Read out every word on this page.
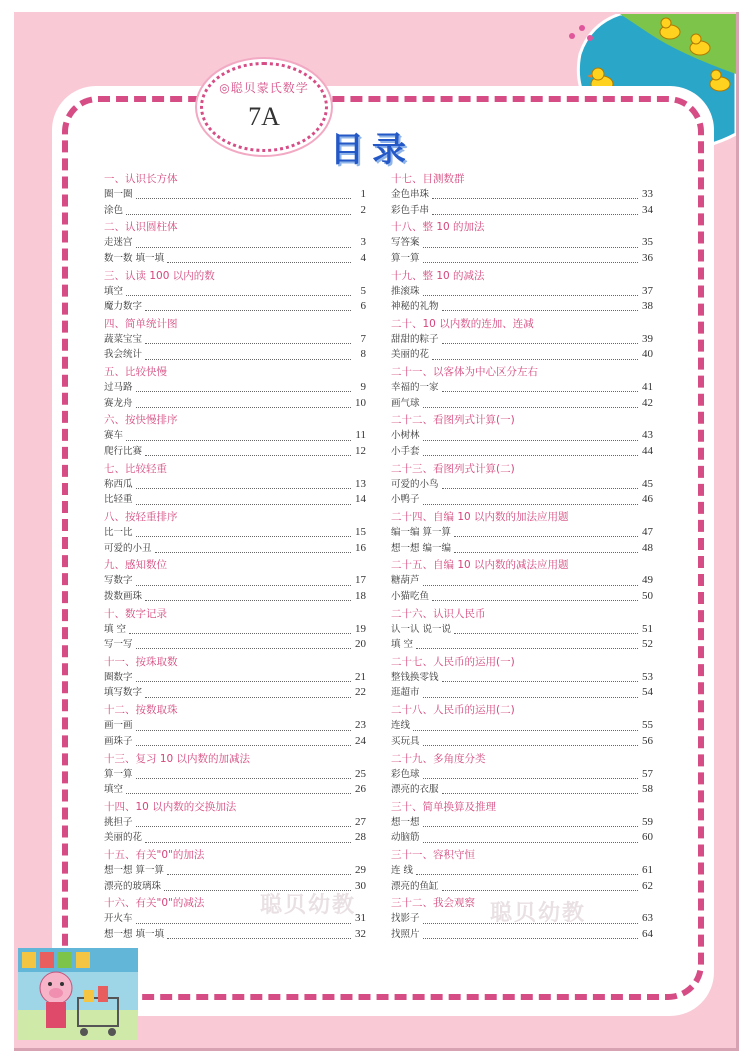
◎聪贝蒙氏数学
7A
目录
聪贝幼教	聪贝幼教
一、认识长方体
圈一圈	1
涂色	2
二、认识圆柱体
走迷宫	3
数一数 填一填	4
三、认读 100 以内的数
填空	5
魔力数字	6
四、简单统计图
蔬菜宝宝	7
我会统计	8
五、比较快慢
过马路	9
赛龙舟	10
六、按快慢排序
赛车	11
爬行比赛	12
七、比较轻重
称西瓜	13
比轻重	14
八、按轻重排序
比一比	15
可爱的小丑	16
九、感知数位
写数字	17
拨数画珠	18
十、数字记录
填 空	19
写一写	20
十一、按珠取数
圈数字	21
填写数字	22
十二、按数取珠
画一画	23
画珠子	24
十三、复习 10 以内数的加减法
算一算	25
填空	26
十四、10 以内数的交换加法
挑担子	27
美丽的花	28
十五、有关"0"的加法
想一想 算一算	29
漂亮的玻璃珠	30
十六、有关"0"的减法
开火车	31
想一想 填一填	32
十七、目测数群
金色串珠	33
彩色手串	34
十八、整 10 的加法
写答案	35
算一算	36
十九、整 10 的减法
推滚珠	37
神秘的礼物	38
二十、10 以内数的连加、连减
甜甜的粽子	39
美丽的花	40
二十一、以客体为中心区分左右
幸福的一家	41
画气球	42
二十二、看图列式计算(一)
小树林	43
小手套	44
二十三、看图列式计算(二)
可爱的小鸟	45
小鸭子	46
二十四、自编 10 以内数的加法应用题
编一编 算一算	47
想一想 编一编	48
二十五、自编 10 以内数的减法应用题
糖葫芦	49
小猫吃鱼	50
二十六、认识人民币
认一认 说一说	51
填 空	52
二十七、人民币的运用(一)
整钱换零钱	53
逛超市	54
二十八、人民币的运用(二)
连线	55
买玩具	56
二十九、多角度分类
彩色球	57
漂亮的衣服	58
三十、简单换算及推理
想一想	59
动脑筋	60
三十一、容积守恒
连 线	61
漂亮的鱼缸	62
三十二、我会观察
找影子	63
找照片	64
